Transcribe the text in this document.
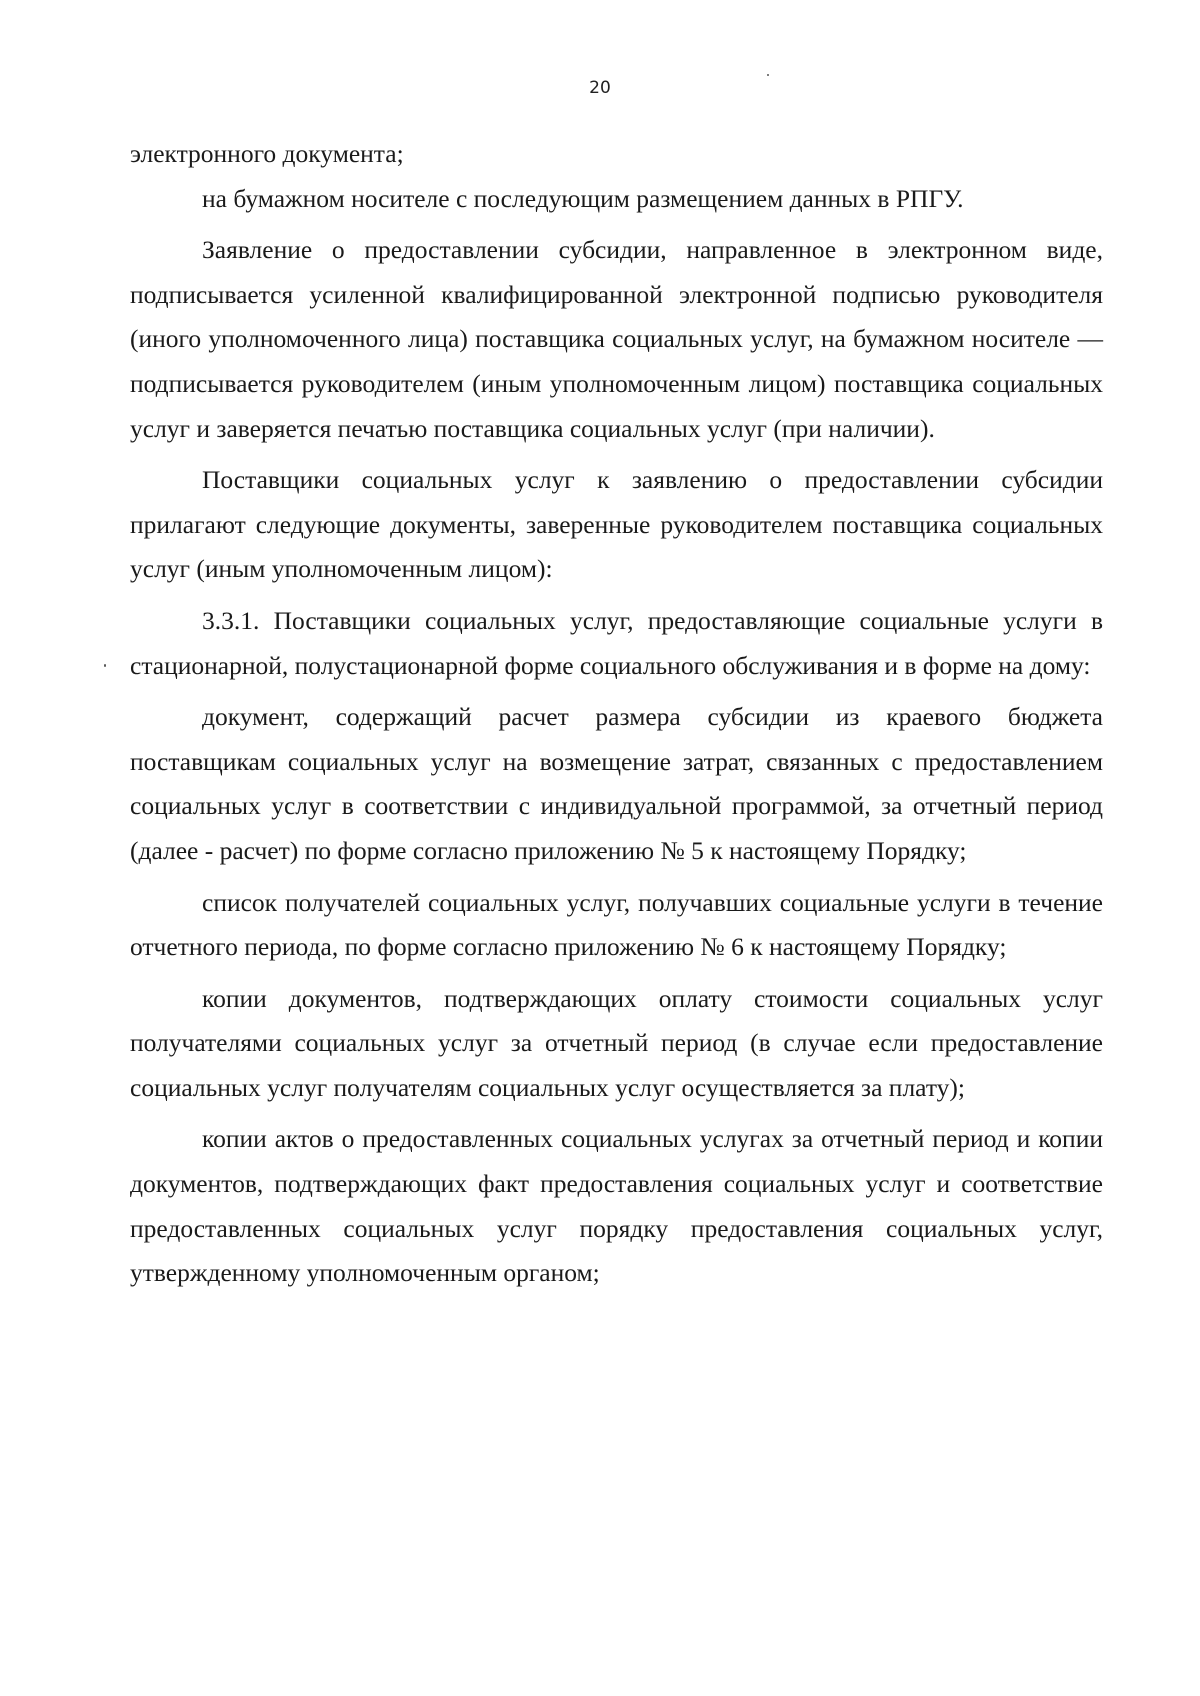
20

электронного документа;

на бумажном носителе с последующим размещением данных в РПГУ.

Заявление о предоставлении субсидии, направленное в электронном виде, подписывается усиленной квалифицированной электронной подписью руководителя (иного уполномоченного лица) поставщика социальных услуг, на бумажном носителе — подписывается руководителем (иным уполномоченным лицом) поставщика социальных услуг и заверяется печатью поставщика социальных услуг (при наличии).

Поставщики социальных услуг к заявлению о предоставлении субсидии прилагают следующие документы, заверенные руководителем поставщика социальных услуг (иным уполномоченным лицом):

3.3.1. Поставщики социальных услуг, предоставляющие социальные услуги в стационарной, полустационарной форме социального обслуживания и в форме на дому:

документ, содержащий расчет размера субсидии из краевого бюджета поставщикам социальных услуг на возмещение затрат, связанных с предоставлением социальных услуг в соответствии с индивидуальной программой, за отчетный период (далее - расчет) по форме согласно приложению № 5 к настоящему Порядку;

список получателей социальных услуг, получавших социальные услуги в течение отчетного периода, по форме согласно приложению № 6 к настоящему Порядку;

копии документов, подтверждающих оплату стоимости социальных услуг получателями социальных услуг за отчетный период (в случае если предоставление социальных услуг получателям социальных услуг осуществляется за плату);

копии актов о предоставленных социальных услугах за отчетный период и копии документов, подтверждающих факт предоставления социальных услуг и соответствие предоставленных социальных услуг порядку предоставления социальных услуг, утвержденному уполномоченным органом;
